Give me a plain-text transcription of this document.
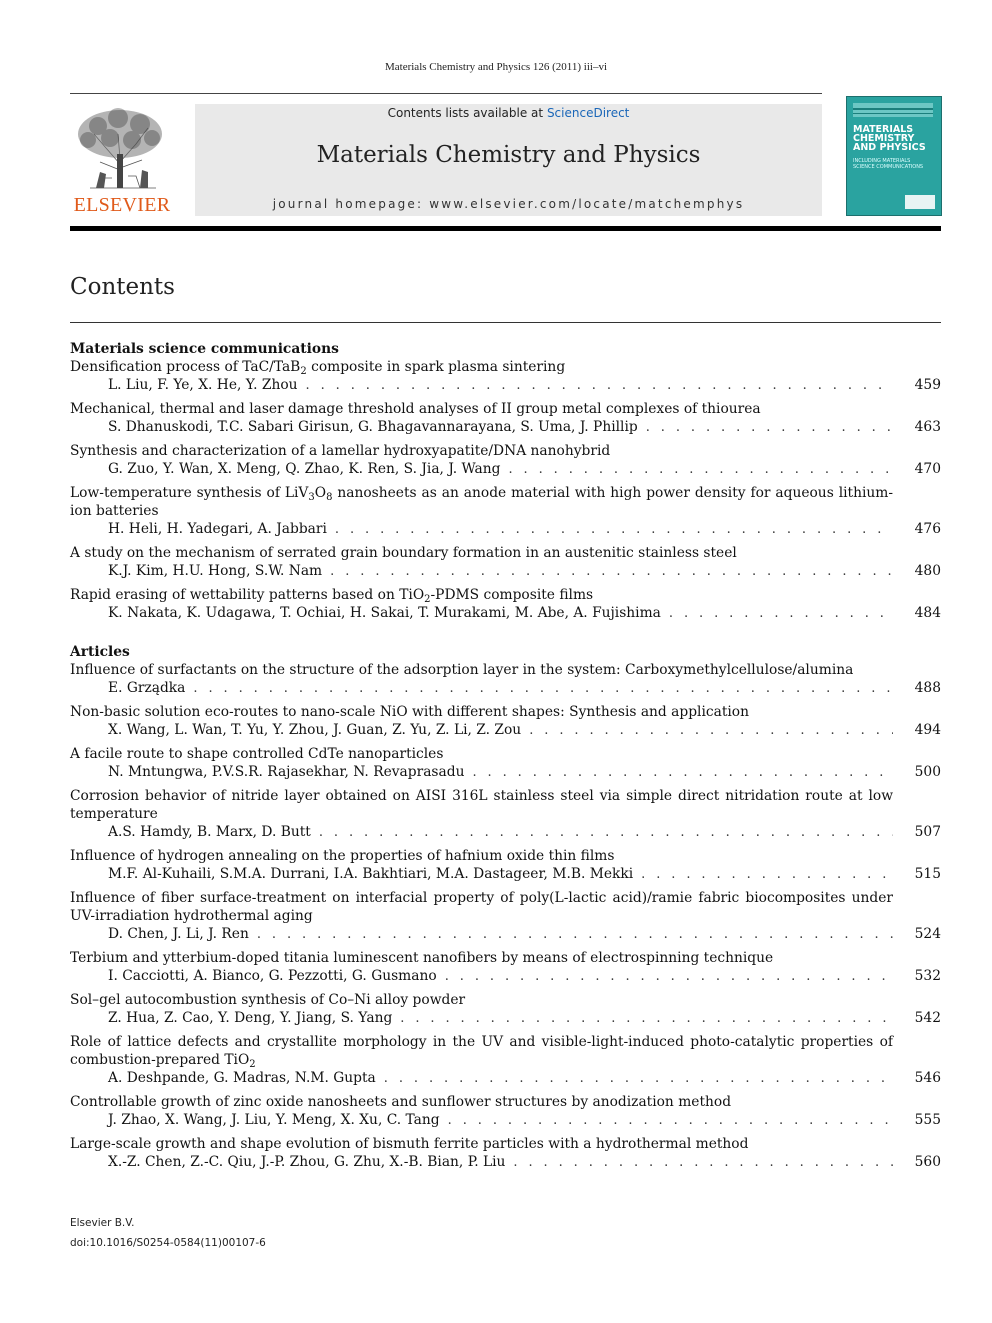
Materials Chemistry and Physics 126 (2011) iii–vi
ELSEVIER
Contents lists available at ScienceDirect
Materials Chemistry and Physics
journal homepage: www.elsevier.com/locate/matchemphys
MATERIALS CHEMISTRY AND PHYSICS
INCLUDING MATERIALS SCIENCE COMMUNICATIONS
Contents
Materials science communications
Densification process of TaC/TaB$_2$ composite in spark plasma sintering
L. Liu, F. Ye, X. He, Y. Zhou . . .	459
Mechanical, thermal and laser damage threshold analyses of II group metal complexes of thiourea
S. Dhanuskodi, T.C. Sabari Girisun, G. Bhagavannarayana, S. Uma, J. Phillip . . .	463
Synthesis and characterization of a lamellar hydroxyapatite/DNA nanohybrid
G. Zuo, Y. Wan, X. Meng, Q. Zhao, K. Ren, S. Jia, J. Wang . . .	470
Low-temperature synthesis of $LiV_3O_8$ nanosheets as an anode material with high power density for aqueous lithium-ion batteries
H. Heli, H. Yadegari, A. Jabbari . . .	476
A study on the mechanism of serrated grain boundary formation in an austenitic stainless steel
K.J. Kim, H.U. Hong, S.W. Nam . . .	480
Rapid erasing of wettability patterns based on TiO$_2$-PDMS composite films
K. Nakata, K. Udagawa, T. Ochiai, H. Sakai, T. Murakami, M. Abe, A. Fujishima . . .	484
Articles
Influence of surfactants on the structure of the adsorption layer in the system: Carboxymethylcellulose/alumina
E. Grządka . . .	488
Non-basic solution eco-routes to nano-scale NiO with different shapes: Synthesis and application
X. Wang, L. Wan, T. Yu, Y. Zhou, J. Guan, Z. Yu, Z. Li, Z. Zou . . .	494
A facile route to shape controlled CdTe nanoparticles
N. Mntungwa, P.V.S.R. Rajasekhar, N. Revaprasadu . . .	500
Corrosion behavior of nitride layer obtained on AISI 316L stainless steel via simple direct nitridation route at low temperature
A.S. Hamdy, B. Marx, D. Butt . . .	507
Influence of hydrogen annealing on the properties of hafnium oxide thin films
M.F. Al-Kuhaili, S.M.A. Durrani, I.A. Bakhtiari, M.A. Dastageer, M.B. Mekki . . .	515
Influence of fiber surface-treatment on interfacial property of poly(L-lactic acid)/ramie fabric biocomposites under UV-irradiation hydrothermal aging
D. Chen, J. Li, J. Ren . . .	524
Terbium and ytterbium-doped titania luminescent nanofibers by means of electrospinning technique
I. Cacciotti, A. Bianco, G. Pezzotti, G. Gusmano . . .	532
Sol–gel autocombustion synthesis of Co–Ni alloy powder
Z. Hua, Z. Cao, Y. Deng, Y. Jiang, S. Yang . . .	542
Role of lattice defects and crystallite morphology in the UV and visible-light-induced photo-catalytic properties of combustion-prepared TiO$_2$
A. Deshpande, G. Madras, N.M. Gupta . . .	546
Controllable growth of zinc oxide nanosheets and sunflower structures by anodization method
J. Zhao, X. Wang, J. Liu, Y. Meng, X. Xu, C. Tang . . .	555
Large-scale growth and shape evolution of bismuth ferrite particles with a hydrothermal method
X.-Z. Chen, Z.-C. Qiu, J.-P. Zhou, G. Zhu, X.-B. Bian, P. Liu . . .	560
Elsevier B.V.
doi:10.1016/S0254-0584(11)00107-6
